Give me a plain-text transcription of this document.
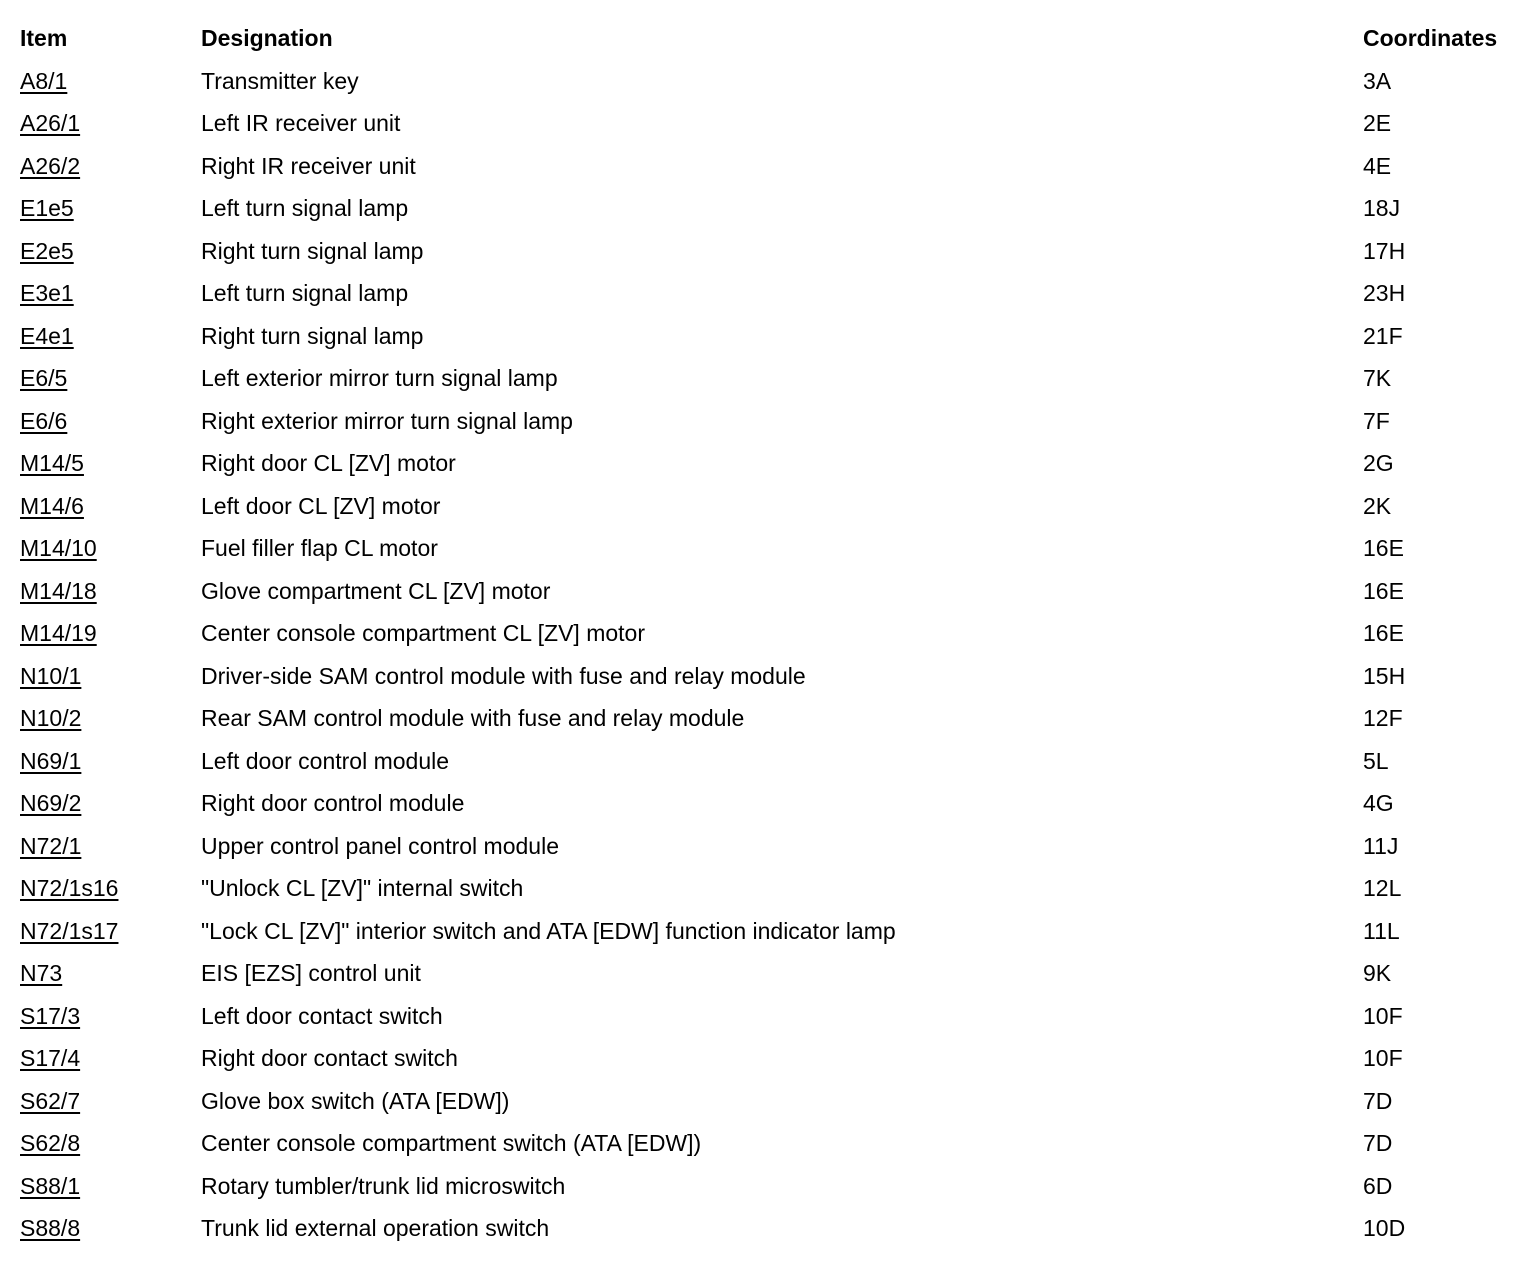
Item	Designation	Coordinates
A8/1	Transmitter key	3A
A26/1	Left IR receiver unit	2E
A26/2	Right IR receiver unit	4E
E1e5	Left turn signal lamp	18J
E2e5	Right turn signal lamp	17H
E3e1	Left turn signal lamp	23H
E4e1	Right turn signal lamp	21F
E6/5	Left exterior mirror turn signal lamp	7K
E6/6	Right exterior mirror turn signal lamp	7F
M14/5	Right door CL [ZV] motor	2G
M14/6	Left door CL [ZV] motor	2K
M14/10	Fuel filler flap CL motor	16E
M14/18	Glove compartment CL [ZV] motor	16E
M14/19	Center console compartment CL [ZV] motor	16E
N10/1	Driver-side SAM control module with fuse and relay module	15H
N10/2	Rear SAM control module with fuse and relay module	12F
N69/1	Left door control module	5L
N69/2	Right door control module	4G
N72/1	Upper control panel control module	11J
N72/1s16	"Unlock CL [ZV]" internal switch	12L
N72/1s17	"Lock CL [ZV]" interior switch and ATA [EDW] function indicator lamp	11L
N73	EIS [EZS] control unit	9K
S17/3	Left door contact switch	10F
S17/4	Right door contact switch	10F
S62/7	Glove box switch (ATA [EDW])	7D
S62/8	Center console compartment switch (ATA [EDW])	7D
S88/1	Rotary tumbler/trunk lid microswitch	6D
S88/8	Trunk lid external operation switch	10D
